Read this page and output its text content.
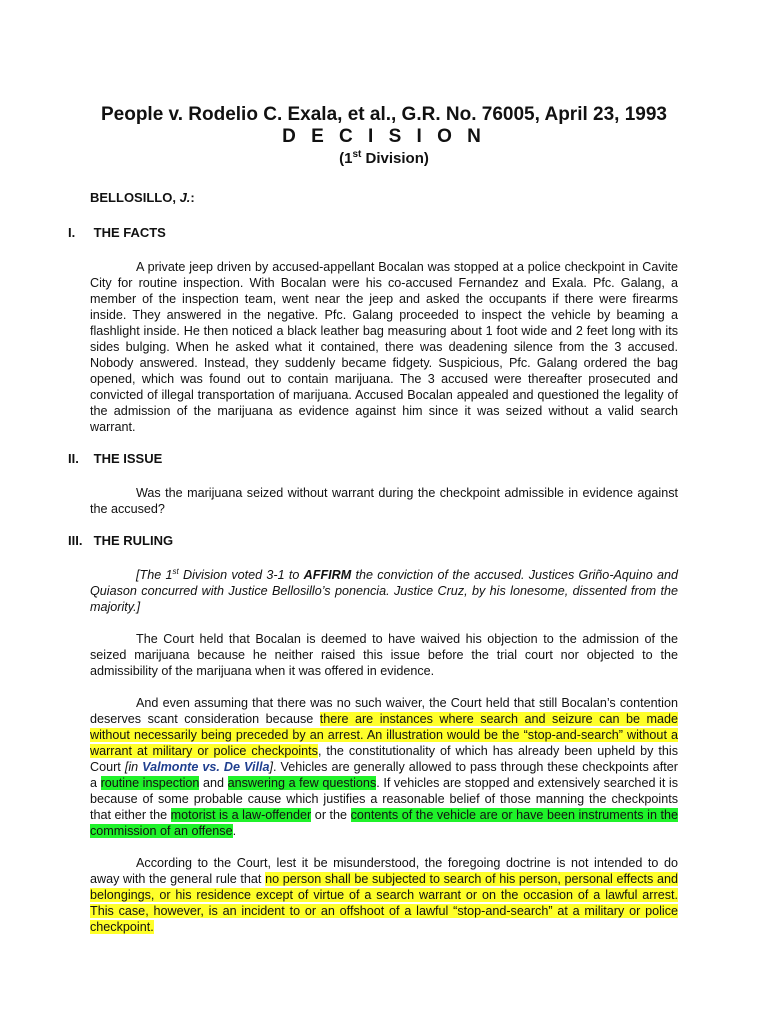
People v. Rodelio C. Exala, et al., G.R. No. 76005, April 23, 1993

D E C I S I O N

(1st Division)

BELLOSILLO, J.:

I. THE FACTS

A private jeep driven by accused-appellant Bocalan was stopped at a police checkpoint in Cavite City for routine inspection. With Bocalan were his co-accused Fernandez and Exala. Pfc. Galang, a member of the inspection team, went near the jeep and asked the occupants if there were firearms inside. They answered in the negative. Pfc. Galang proceeded to inspect the vehicle by beaming a flashlight inside. He then noticed a black leather bag measuring about 1 foot wide and 2 feet long with its sides bulging. When he asked what it contained, there was deadening silence from the 3 accused. Nobody answered. Instead, they suddenly became fidgety. Suspicious, Pfc. Galang ordered the bag opened, which was found out to contain marijuana. The 3 accused were thereafter prosecuted and convicted of illegal transportation of marijuana. Accused Bocalan appealed and questioned the legality of the admission of the marijuana as evidence against him since it was seized without a valid search warrant.

II. THE ISSUE

Was the marijuana seized without warrant during the checkpoint admissible in evidence against the accused?

III. THE RULING

[The 1st Division voted 3-1 to AFFIRM the conviction of the accused. Justices Griño-Aquino and Quiason concurred with Justice Bellosillo’s ponencia. Justice Cruz, by his lonesome, dissented from the majority.]

The Court held that Bocalan is deemed to have waived his objection to the admission of the seized marijuana because he neither raised this issue before the trial court nor objected to the admissibility of the marijuana when it was offered in evidence.

And even assuming that there was no such waiver, the Court held that still Bocalan’s contention deserves scant consideration because there are instances where search and seizure can be made without necessarily being preceded by an arrest. An illustration would be the “stop-and-search” without a warrant at military or police checkpoints, the constitutionality of which has already been upheld by this Court [in Valmonte vs. De Villa]. Vehicles are generally allowed to pass through these checkpoints after a routine inspection and answering a few questions. If vehicles are stopped and extensively searched it is because of some probable cause which justifies a reasonable belief of those manning the checkpoints that either the motorist is a law-offender or the contents of the vehicle are or have been instruments in the commission of an offense.

According to the Court, lest it be misunderstood, the foregoing doctrine is not intended to do away with the general rule that no person shall be subjected to search of his person, personal effects and belongings, or his residence except of virtue of a search warrant or on the occasion of a lawful arrest. This case, however, is an incident to or an offshoot of a lawful “stop-and-search” at a military or police checkpoint.
